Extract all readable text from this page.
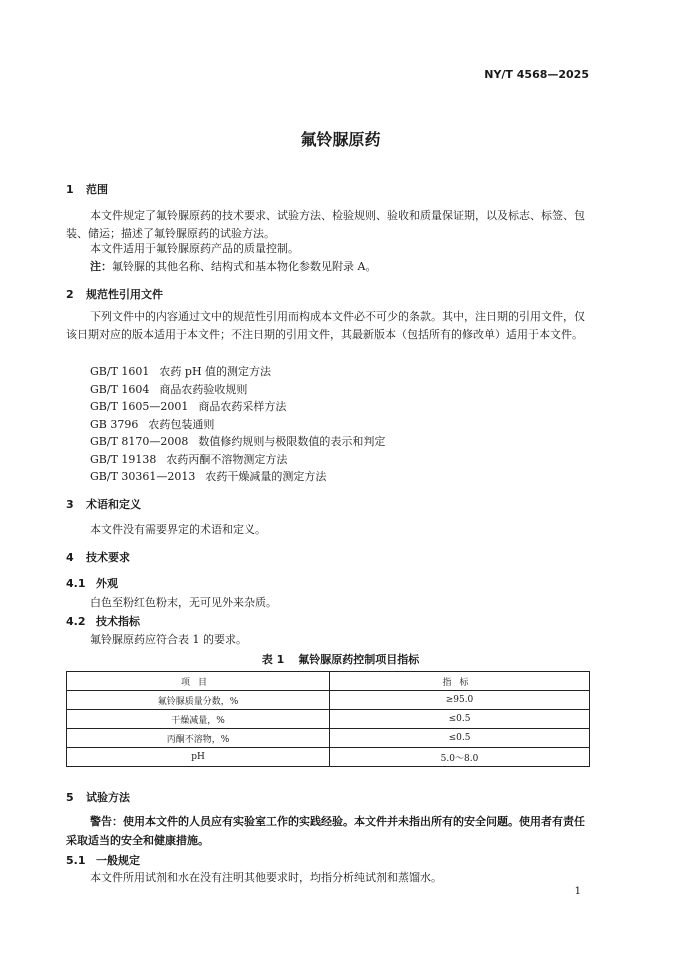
NY/T 4568—2025
氟铃脲原药
1 范围
本文件规定了氟铃脲原药的技术要求、试验方法、检验规则、验收和质量保证期，以及标志、标签、包装、储运；描述了氟铃脲原药的试验方法。
本文件适用于氟铃脲原药产品的质量控制。
注：氟铃脲的其他名称、结构式和基本物化参数见附录 A。
2 规范性引用文件
下列文件中的内容通过文中的规范性引用而构成本文件必不可少的条款。其中，注日期的引用文件，仅该日期对应的版本适用于本文件；不注日期的引用文件，其最新版本（包括所有的修改单）适用于本文件。
GB/T 1601 农药 pH 值的测定方法
GB/T 1604 商品农药验收规则
GB/T 1605—2001 商品农药采样方法
GB 3796 农药包装通则
GB/T 8170—2008 数值修约规则与极限数值的表示和判定
GB/T 19138 农药丙酮不溶物测定方法
GB/T 30361—2013 农药干燥减量的测定方法
3 术语和定义
本文件没有需要界定的术语和定义。
4 技术要求
4.1 外观
白色至粉红色粉末，无可见外来杂质。
4.2 技术指标
氟铃脲原药应符合表 1 的要求。
表 1 氟铃脲原药控制项目指标
项目	指标
氟铃脲质量分数，%	≥95.0
干燥减量，%	≤0.5
丙酮不溶物，%	≤0.5
pH	5.0～8.0
5 试验方法
警告：使用本文件的人员应有实验室工作的实践经验。本文件并未指出所有的安全问题。使用者有责任采取适当的安全和健康措施。
5.1 一般规定
本文件所用试剂和水在没有注明其他要求时，均指分析纯试剂和蒸馏水。
1
